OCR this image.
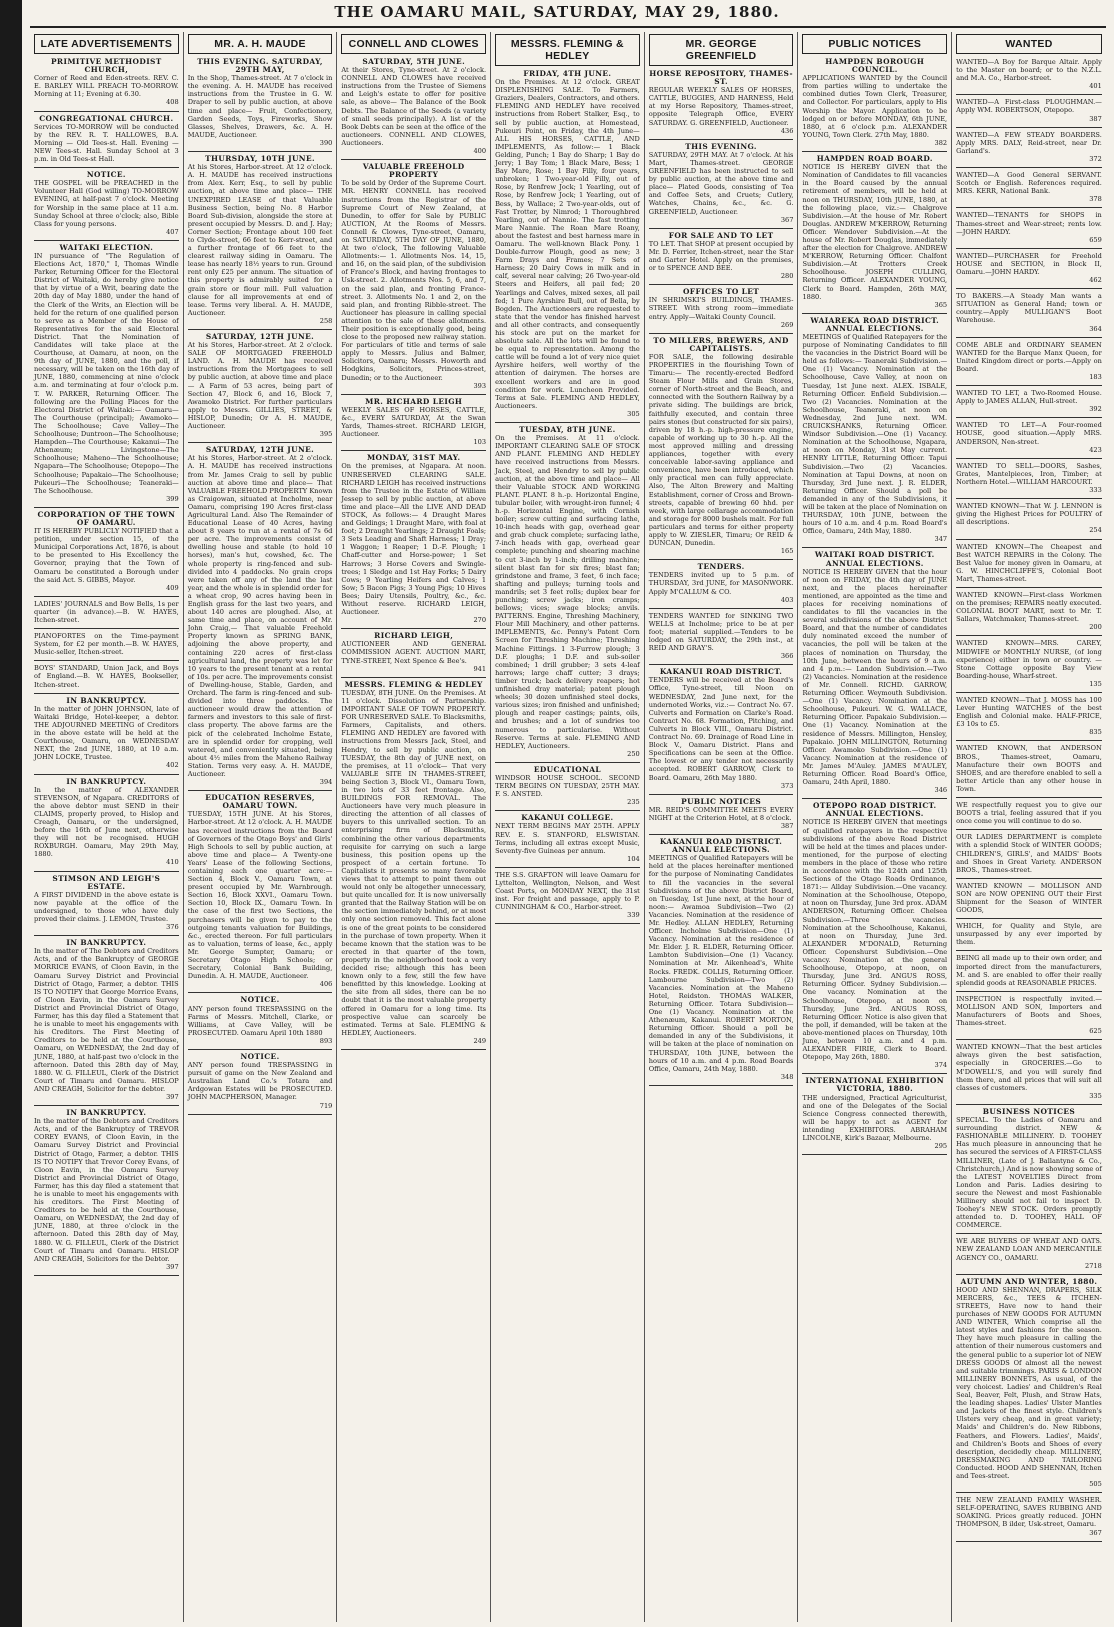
THE OAMARU MAIL, SATURDAY, MAY 29, 1880.
LATE ADVERTISEMENTS
PRIMITIVE METHODIST CHURCH,
Corner of Reed and Eden-streets. REV. C. E. BARLEY WILL PREACH TO-MORROW. Morning at 11; Evening at 6.30.
408
CONGREGATIONAL CHURCH.
Services TO-MORROW will be conducted by the REV. R. T. HALLOWES, B.A. Morning — Old Tees-st. Hall. Evening — NEW Tees-st. Hall. Sunday School at 3 p.m. in Old Tees-st Hall.
NOTICE.
THE GOSPEL will be PREACHED in the Volunteer Hall (God willing) TO-MORROW EVENING, at half-past 7 o'clock. Meeting for Worship in the same place at 11 a.m. Sunday School at three o'clock; also, Bible Class for young persons.
407
WAITAKI ELECTION.
IN pursuance of "The Regulation of Elections Act, 1870," I, Thomas Windle Parker, Returning Officer for the Electoral District of Waitaki, do hereby give notice that by virtue of a Writ, bearing date the 20th day of May 1880, under the hand of the Clerk of the Writs, an Election will be held for the return of one qualified person to serve as a Member of the House of Representatives for the said Electoral District. That the Nomination of Candidates will take place at the Courthouse, at Oamaru, at noon, on the 9th day of JUNE, 1880, and the poll, if necessary, will be taken on the 16th day of JUNE, 1880, commencing at nine o'clock a.m. and terminating at four o'clock p.m. T. W. PARKER, Returning Officer. The following are the Polling Places for the Electoral District of Waitaki:— Oamaru—The Courthouse (principal); Awamoko—The Schoolhouse; Cave Valley—The Schoolhouse; Duntroon—The Schoolhouse; Hampden—The Courthouse; Kakanui—The Athenæum; Livingstone—The Schoolhouse; Maheno—The Schoolhouse; Ngapara—The Schoolhouse; Otepopo—The Schoolhouse; Papakaio—The Schoolhouse; Pukeuri—The Schoolhouse; Teaneraki—The Schoolhouse.
399
CORPORATION OF THE TOWN OF OAMARU.
IT IS HEREBY PUBLICLY NOTIFIED that a petition, under section 15, of the Municipal Corporations Act, 1876, is about to be presented to His Excellency the Governor, praying that the Town of Oamaru be constituted a Borough under the said Act. S. GIBBS, Mayor.
409
LADIES' JOURNALS and Bow Bells, 1s per quarter (in advance).—B. W. HAYES, Itchen-street.
PIANOFORTES on the Time-payment System, for £2 per month.—B. W. HAYES, Music-seller, Itchen-street.
BOYS' STANDARD, Union Jack, and Boys of England.—B. W. HAYES, Bookseller, Itchen-street.
IN BANKRUPTCY.
In the matter of JOHN JOHNSON, late of Waitaki Bridge, Hotel-keeper, a debtor. THE ADJOURNED MEETING of Creditors in the above estate will be held at the Courthouse, Oamaru, on WEDNESDAY NEXT, the 2nd JUNE, 1880, at 10 a.m. JOHN LOCKE, Trustee.
402
IN BANKRUPTCY.
In the matter of ALEXANDER STEVENSON, of Ngapara. CREDITORS of the above debtor must SEND in their CLAIMS, properly proved, to Hislop and Creagh, Oamaru, or the undersigned, before the 16th of June next, otherwise they will not be recognised. HUGH ROXBURGH. Oamaru, May 29th May, 1880.
410
STIMSON AND LEIGH'S ESTATE.
A FIRST DIVIDEND in the above estate is now payable at the office of the undersigned, to those who have duly proved their claims. J. LEMON, Trustee.
376
IN BANKRUPTCY.
In the matter of The Debtors and Creditors Acts, and of the Bankruptcy of GEORGE MORRICE EVANS, of Cloon Eavin, in the Oamaru Survey District and Provincial District of Otago, Farmer, a debtor. THIS IS TO NOTIFY that George Morrice Evans, of Cloon Eavin, in the Oamaru Survey District and Provincial District of Otago, Farmer, has this day filed a Statement that he is unable to meet his engagements with his Creditors. The First Meeting of Creditors to be held at the Courthouse, Oamaru, on WEDNESDAY, the 2nd day of JUNE, 1880, at half-past two o'clock in the afternoon. Dated this 28th day of May, 1880. W. G. FILLEUL, Clerk of the District Court of Timaru and Oamaru. HISLOP AND CREAGH, Solicitor for the debtor.
397
IN BANKRUPTCY.
In the matter of the Debtors and Creditors Acts, and of the Bankruptcy of TREVOR COREY EVANS, of Cloon Eavin, in the Oamaru Survey District and Provincial District of Otago, Farmer, a debtor. THIS IS TO NOTIFY that Trevor Corey Evans, of Cloon Eavin, in the Oamaru Survey District and Provincial District of Otago, Farmer, has this day filed a statement that he is unable to meet his engagements with his creditors. The First Meeting of Creditors to be held at the Courthouse, Oamaru, on WEDNESDAY, the 2nd day of JUNE, 1880, at three o'clock in the afternoon. Dated this 28th day of May, 1880. W. G. FILLEUL, Clerk of the District Court of Timaru and Oamaru. HISLOP AND CREAGH, Solicitors for the Debtor.
397
MR. A. H. MAUDE
THIS EVENING. SATURDAY, 29TH MAY,
In the Shop, Thames-street. At 7 o'clock in the evening. A. H. MAUDE has received instructions from the Trustee in G. W. Draper to sell by public auction, at above time and place— Fruit, Confectionery, Garden Seeds, Toys, Fireworks, Show Glasses, Shelves, Drawers, &c. A. H. MAUDE, Auctioneer.
390
THURSDAY, 10TH JUNE.
At his Stores, Harbor-street. At 12 o'clock. A. H. MAUDE has received instructions from Alex. Kerr, Esq., to sell by public auction, at above time and place— THE UNEXPIRED LEASE of that Valuable Business Section, being No. 8 Harbor Board Sub-division, alongside the store at present occupied by Messrs. D. and J. Hay; Corner Section; Frontage about 100 feet to Clyde-street, 66 feet to Kerr-street, and a further frontage of 66 feet to the clearest railway siding in Oamaru. The lease has nearly 18½ years to run. Ground rent only £25 per annum. The situation of this property is admirably suited for a grain store or flour mill. Full valuation clause for all improvements at end of lease. Terms very liberal. A. H. MAUDE, Auctioneer.
258
SATURDAY, 12TH JUNE.
At his Stores, Harbor-street. At 2 o'clock. SALE OF MORTGAGED FREEHOLD LAND. A. H. MAUDE has received instructions from the Mortgagees to sell by public auction, at above time and place— A Farm of 53 acres, being part of Section 47, Block 6, and 16, Block 7, Awamoko District. For further particulars apply to Messrs. GILLIES, STREET, & HISLOP, Dunedin; Or A. H. MAUDE, Auctioneer.
395
SATURDAY, 12TH JUNE.
At his Stores, Harbor-street. At 2 o'clock. A. H. MAUDE has received instructions from Mr. James Craig to sell by public auction at above time and place— That VALUABLE FREEHOLD PROPERTY Known as Craigowan, situated at Incholme, near Oamaru, comprising 190 Acres first-class Agricultural Land. Also The Remainder of Educational Lease of 40 Acres, having about 8 years to run at a rental of 7s 6d per acre. The improvements consist of dwelling house and stable (to hold 10 horses), man's hut, cowshed, &c. The whole property is ring-fenced and sub-divided into 4 paddocks. No grain crops were taken off any of the land the last year, and the whole is in splendid order for a wheat crop, 90 acres having been in English grass for the last two years, and about 140 acres are ploughed. Also, at same time and place, on account of Mr. John Craig,— That valuable Freehold Property known as SPRING BANK, adjoining the above property, and containing 220 acres of first-class agricultural land, the property was let for 10 years to the present tenant at a rental of 10s. per acre. The improvements consist of Dwelling-house, Stable, Garden, and Orchard. The farm is ring-fenced and sub-divided into three paddocks. The auctioneer would draw the attention of farmers and investors to this sale of first-class property. The above farms are the pick of the celebrated Incholme Estate, are in splendid order for cropping, well watered, and conveniently situated, being about 4½ miles from the Maheno Railway Station. Terms very easy. A. H. MAUDE, Auctioneer.
394
EDUCATION RESERVES, OAMARU TOWN.
TUESDAY, 15TH JUNE. At his Stores, Harbor-street. At 12 o'clock. A. H. MAUDE has received instructions from the Board of Governors of the Otago Boys' and Girls' High Schools to sell by public auction, at above time and place— A Twenty-one Years' Lease of the following Sections, containing each one quarter acre:— Section 4, Block V., Oamaru Town, at present occupied by Mr. Warnbrough. Section 16, Block XXVI., Oamaru Town. Section 10, Block IX., Oamaru Town. In the case of the first two Sections, the purchasers will be given to pay to the outgoing tenants valuation for Buildings, &c., erected thereon. For full particulars as to valuation, terms of lease, &c., apply Mr. George Sumpter, Oamaru; or Secretary Otago High Schools; or Secretary, Colonial Bank Building, Dunedin. A. H. MAUDE, Auctioneer.
406
NOTICE.
ANY person found TRESPASSING on the Farms of Messrs. Mitchell, Clarke, or Williams, at Cave Valley, will be PROSECUTED. Oamaru April 10th 1880
893
NOTICE.
ANY person found TRESPASSING in pursuit of game on the New Zealand and Australian Land Co.'s Totara and Ardgowan Estates will be PROSECUTED. JOHN MACPHERSON, Manager.
719
CONNELL AND CLOWES
SATURDAY, 5TH JUNE.
At their Stores, Tyne-street. At 2 o'clock. CONNELL AND CLOWES have received instructions from the Trustee of Siemens and Leigh's estate to offer for positive sale, as above— The Balance of the Book Debts. The Balance of the Seeds (a variety of small seeds principally). A list of the Book Debts can be seen at the office of the auctioneers. CONNELL AND CLOWES, Auctioneers.
400
VALUABLE FREEHOLD PROPERTY
To be sold by Order of the Supreme Court. MR. HENRY CONNELL has received instructions from the Registrar of the Supreme Court of New Zealand, at Dunedin, to offer for Sale by PUBLIC AUCTION, At the Rooms of Messrs. Connell & Clowes, Tyne-street, Oamaru, on SATURDAY, 5TH DAY OF JUNE, 1880, At two o'clock, The following Valuable Allotments:— 1. Allotments Nos. 14, 15, and 16, on the said plan, of the subdivision of France's Block, and having frontages to Usk-street. 2. Allotments Nos. 5, 6, and 7, on the said plan, and fronting France-street. 3. Allotments No. 1 and 2, on the said plan, and fronting Ribble-street. The Auctioneer has pleasure in calling special attention to the sale of these allotments. Their position is exceptionally good, being close to the proposed new railway station. For particulars of title and terms of sale apply to Messrs. Julius and Balmer, Solicitors, Oamaru; Messrs. Howorth and Hodgkins, Solicitors, Princes-street, Dunedin; or to the Auctioneer.
393
MR. RICHARD LEIGH
WEEKLY SALES OF HORSES, CATTLE, &c., EVERY SATURDAY, At the Swan Yards, Thames-street. RICHARD LEIGH, Auctioneer.
103
MONDAY, 31ST MAY.
On the premises, at Ngapara. At noon. UNRESERVED CLEARING SALE. RICHARD LEIGH has received instructions from the Trustee in the Estate of William Jessep to sell by public auction, at above time and place—All the LIVE AND DEAD STOCK, As follows:— 4 Draught Mares and Geldings; 1 Draught Mare, with foal at foot; 2 Draught Yearlings; 2 Draught Foals; 3 Sets Leading and Shaft Harness; 1 Dray; 1 Waggon; 1 Reaper; 1 D.-F. Plough; 1 Chaff-cutter and Horse-power; 1 Set Harrows; 3 Horse Covers and Swingle-trees; 1 Sledge and 1st Hay Forks; 5 Dairy Cows; 9 Yearling Heifers and Calves; 1 Sow; 5 Bacon Pigs; 3 Young Pigs; 10 Hives Bees; Dairy Utensils, Poultry, &c., &c. Without reserve. RICHARD LEIGH, Auctioneer.
270
RICHARD LEIGH,
AUCTIONEER AND GENERAL COMMISSION AGENT. AUCTION MART, TYNE-STREET, Next Spence & Bee's.
941
MESSRS. FLEMING & HEDLEY
TUESDAY, 8TH JUNE. On the Premises. At 11 o'clock. Dissolution of Partnership. IMPORTANT SALE OF TOWN PROPERTY. FOR UNRESERVED SALE. To Blacksmiths, Farmers, Capitalists, and others. FLEMING AND HEDLEY are favored with instructions from Messrs Jack, Steel, and Hendry, to sell by public auction, on TUESDAY, the 8th day of JUNE next, on the premises, at 11 o'clock— That very VALUABLE SITE IN THAMES-STREET, being Section 3, Block VI., Oamaru Town, in two lots of 33 feet frontage. Also, BUILDINGS FOR REMOVAL. The Auctioneers have very much pleasure in directing the attention of all classes of buyers to this unrivalled section. To an enterprising firm of Blacksmiths, combining the other various departments requisite for carrying on such a large business, this position opens up the prospect of a certain fortune. To Capitalists it presents so many favorable views that to attempt to point them out would not only be altogether unnecessary, but quite uncalled for. It is now universally granted that the Railway Station will be on the section immediately behind, or at most only one section removed. This fact alone is one of the great points to be considered in the purchase of town property. When it became known that the station was to be erected in that quarter of the town, property in the neighborhood took a very decided rise; although this has been known only to a few, still the few have benefitted by this knowledge. Looking at the site from all sides, there can be no doubt that it is the most valuable property offered in Oamaru for a long time. Its prospective value can scarcely be estimated. Terms at Sale. FLEMING & HEDLEY, Auctioneers.
249
MESSRS. FLEMING & HEDLEY
FRIDAY, 4TH JUNE.
On the Premises. At 12 o'clock. GREAT DISPLENISHING SALE. To Farmers, Graziers, Dealers, Contractors, and others. FLEMING AND HEDLEY have received instructions from Robert Stalker, Esq., to sell by public auction, at Homestead, Pukeuri Point, on Friday, the 4th June— ALL HIS HORSES, CATTLE, AND IMPLEMENTS, As follow:— 1 Black Gelding, Punch; 1 Bay do Sharp; 1 Bay do Jerry; 1 Bay Tom; 1 Black Mare, Bess; 1 Bay Mare, Rose; 1 Bay Filly, four years, unbroken; 1 Two-year-old Filly, out of Rose, by Renfrew Jock; 1 Yearling, out of Rose, by Renfrew Jock; 1 Yearling, out of Bess, by Wallace; 2 Two-year-olds, out of Fast Trotter, by Nimrod; 1 Thoroughbred Yearling, out of Nannie. The fast trotting Mare Nannie. The Roan Mare Roany, about the fastest and best harness mare in Oamaru. The well-known Black Pony. 1 Double-furrow Plough, good as new; 3 Farm Drays and Frames; 7 Sets of Harness; 20 Dairy Cows in milk and in calf, several near calving; 26 Two-year-old Steers and Heifers, all pail fed; 20 Yearlings and Calves, mixed sexes, all pail fed; 1 Pure Ayrshire Bull, out of Bella, by Bogden. The Auctioneers are requested to state that the vendor has finished harvest and all other contracts, and consequently his stock are put on the market for absolute sale. All the lots will be found to be equal to representation. Among the cattle will be found a lot of very nice quiet Ayrshire heifers, well worthy of the attention of dairymen. The horses are excellent workers and are in good condition for work. Luncheon Provided. Terms at Sale. FLEMING AND HEDLEY, Auctioneers.
305
TUESDAY, 8TH JUNE.
On the Premises. At 11 o'clock. IMPORTANT CLEARING SALE OF STOCK AND PLANT. FLEMING AND HEDLEY have received instructions from Messrs. Jack, Steel, and Hendry to sell by public auction, at the above time and place— All their Valuable STOCK AND WORKING PLANT. PLANT. 8 h.-p. Horizontal Engine, tubular boiler, with wrought-iron funnel; 4 h.-p. Horizontal Engine, with Cornish boiler; screw cutting and surfacing lathe, 10-inch heads with gap, overhead gear and grab chuck complete; surfacing lathe, 7-inch heads with gap, overhead gear complete; punching and shearing machine to cut 3-inch by 1-inch; drilling machine; silent blast fan for six fires; blast fan; grindstone and frame, 3 feet, 6 inch face; shafting and pulleys; turning tools and mandrils; set 3 feet rolls; duplex bear for punching; screw jacks; iron cramps; bellows; vices; swage blocks; anvils. PATTERNS. Engine, Threshing Machinery, Flour Mill Machinery, and other patterns. IMPLEMENTS, &c. Penny's Patent Corn Screen for Threshing Machine; Threshing Machine Fittings. 1 3-Furrow plough; 3 D.F. ploughs; 1 D.F. and sub-soiler combined; 1 drill grubber; 3 sets 4-leaf harrows; large chaff cutter; 3 drays; timber truck; back delivery reapers; hot unfinished dray material; patent plough wheels; 30 dozen unfinished steel docks, various sizes; iron finished and unfinished; plough and reaper castings; paints, oils, and brushes; and a lot of sundries too numerous to particularise. Without Reserve. Terms at sale. FLEMING AND HEDLEY, Auctioneers.
250
EDUCATIONAL
WINDSOR HOUSE SCHOOL. SECOND TERM BEGINS ON TUESDAY, 25TH MAY. F. S. ANSTED.
235
KAKANUI COLLEGE.
NEXT TERM BEGINS MAY 25TH. APPLY REV. E. S. STANFORD, ELSWISTAN. Terms, including all extras except Music, Seventy-five Guineas per annum.
104
THE S.S. GRAFTON will leave Oamaru for Lyttelton, Wellington, Nelson, and West Coast Ports, on MONDAY NEXT, the 31st inst. For freight and passage, apply to P. CUNNINGHAM & CO., Harbor-street.
339
MR. GEORGE GREENFIELD
HORSE REPOSITORY, THAMES-ST.
REGULAR WEEKLY SALES OF HORSES, CATTLE, BUGGIES, AND HARNESS, Held at my Horse Repository, Thames-street, opposite Telegraph Office, EVERY SATURDAY. G. GREENFIELD, Auctioneer.
436
THIS EVENING.
SATURDAY, 29TH MAY. At 7 o'clock. At his Mart, Thames-street. GEORGE GREENFIELD has been instructed to sell by public auction, at the above time and place— Plated Goods, consisting of Tea and Coffee Sets, and Cruets; Cutlery, Watches, Chains, &c., &c. G. GREENFIELD, Auctioneer.
367
FOR SALE AND TO LET
TO LET. That SHOP at present occupied by Mr. D. Ferrier, Itchen-street, near the Star and Garter Hotel. Apply on the premises, or to SPENCE AND BEE.
280
OFFICES TO LET
IN SHRIMSKI'S BUILDINGS, THAMES-STREET. With strong room—immediate entry. Apply—Waitaki County Council.
269
TO MILLERS, BREWERS, AND CAPITALISTS.
FOR SALE, the following desirable PROPERTIES in the flourishing Town of Timaru:— The recently-erected Bedford Steam Flour Mills and Grain Stores, corner of North-street and the Beach, and connected with the Southern Railway by a private siding. The buildings are brick, faithfully executed, and contain three pairs stones (but constructed for six pairs), driven by 18 h.-p. high-pressure engine, capable of working up to 30 h.-p. All the most approved milling and dressing appliances, together with every conceivable labor-saving appliance and convenience, have been introduced, which only practical men can fully appreciate. Also, The Alton Brewery and Malting Establishment, corner of Cross and Brown-streets, capable of brewing 60 hhd. per week, with large cellarage accommodation and storage for 8000 bushels malt. For full particulars and terms for either property apply to W. ZIESLER, Timaru; Or REID & DUNCAN, Dunedin.
165
TENDERS.
TENDERS invited up to 5 p.m. of THURSDAY, 3rd JUNE, for MASONWORK. Apply M'CALLUM & CO.
403
TENDERS WANTED for SINKING TWO WELLS at Incholme; price to be at per foot; material supplied.—Tenders to be lodged on SATURDAY, the 29th inst., at REID AND GRAY'S.
366
KAKANUI ROAD DISTRICT.
TENDERS will be received at the Board's Office, Tyne-street, till Noon on WEDNESDAY, 2nd June next, for the undernoted Works, viz.:— Contract No. 67. Culverts and Formation on Clarke's Road. Contract No. 68. Formation, Pitching, and Culverts in Block VIII., Oamaru District. Contract No. 69. Drainage of Road Line in Block V., Oamaru District. Plans and Specifications can be seen at the Office. The lowest or any tender not necessarily accepted. ROBERT GARROW, Clerk to Board. Oamaru, 26th May 1880.
373
PUBLIC NOTICES
MR. REID'S COMMITTEE MEETS EVERY NIGHT at the Criterion Hotel, at 8 o'clock.
387
KAKANUI ROAD DISTRICT. ANNUAL ELECTIONS.
MEETINGS of Qualified Ratepayers will be held at the places hereinafter mentioned for the purpose of Nominating Candidates to fill the vacancies in the several Subdivisions of the above District Board, on Tuesday, 1st June next, at the hour of noon:— Awamoa Subdivision—Two (2) Vacancies. Nomination at the residence of Mr. Hedley. ALLAN HEDLEY, Returning Officer. Incholme Subdivision—One (1) Vacancy. Nomination at the residence of Mr. Elder. J. R. ELDER, Returning Officer. Lambton Subdivision—One (1) Vacancy. Nomination at Mr. Aikenhead's, White Rocks. FREDK. COLLIS, Returning Officer. Lambourne Subdivision—Two (2) Vacancies. Nomination at the Maheno Hotel, Reidston. THOMAS WALKER, Returning Officer. Totara Subdivision—One (1) Vacancy. Nomination at the Athenæum, Kakanui. ROBERT MORTON, Returning Officer. Should a poll be demanded in any of the Subdivisions, it will be taken at the place of nomination on THURSDAY, 10th JUNE, between the hours of 10 a.m. and 4 p.m. Road Boards Office, Oamaru, 24th May, 1880.
348
PUBLIC NOTICES
HAMPDEN BOROUGH COUNCIL.
APPLICATIONS WANTED by the Council from parties willing to undertake the combined duties Town Clerk, Treasurer, and Collector. For particulars, apply to His Worship the Mayor. Application to be lodged on or before MONDAY, 6th JUNE, 1880, at 6 o'clock p.m. ALEXANDER YOUNG, Town Clerk. 27th May, 1880.
382
HAMPDEN ROAD BOARD.
NOTICE IS HEREBY GIVEN that the Nomination of Candidates to fill vacancies in the Board caused by the annual retirement of members, will be held at noon on THURSDAY, 10th JUNE, 1880, at the following place, viz.:— Chalgrove Subdivision.—At the house of Mr. Robert Douglas. ANDREW M'KERROW, Returning Officer. Wendover Subdivision.—At the house of Mr. Robert Douglas, immediately after the election for Chalgrove. ANDREW M'KERROW, Returning Officer. Chalfont Subdivision.—At Trotters Creek Schoolhouse. JOSEPH CULLING, Returning Officer. ALEXANDER YOUNG, Clerk to Board. Hampden, 26th MAY, 1880.
365
WAIAREKA ROAD DISTRICT. ANNUAL ELECTIONS.
MEETINGS of Qualified Ratepayers for the purpose of Nominating Candidates to fill the vacancies in the District Board will be held as follows:— Teaneraki Subdivision.—One (1) Vacancy. Nomination at the Schoolhouse, Cave Valley, at noon on Tuesday, 1st June next. ALEX. ISBALE, Returning Officer. Enfield Subdivision.—Two (2) Vacancies. Nomination at the Schoolhouse, Teaneraki, at noon on Wednesday, 2nd June next. WM. CRUICKSHANKS, Returning Officer. Windsor Subdivision.—One (1) Vacancy. Nomination at the Schoolhouse, Ngapara, at noon on Monday, 31st May current. HENRY LITTLE, Returning Officer. Tapui Subdivision.—Two (2) Vacancies. Nomination at Tapui Downs, at noon on Thursday, 3rd June next. J. R. ELDER, Returning Officer. Should a poll be demanded in any of the Subdivisions, it will be taken at the place of Nomination on THURSDAY, 10th JUNE, between the hours of 10 a.m. and 4 p.m. Road Board's Office, Oamaru, 24th May, 1880.
347
WAITAKI ROAD DISTRICT. ANNUAL ELECTIONS.
NOTICE IS HEREBY GIVEN that the hour of noon on FRIDAY, the 4th day of JUNE next, and the places hereinafter mentioned, are appointed as the time and places for receiving nominations of candidates to fill the vacancies in the several subdivisions of the above District Board, and that the number of candidates duly nominated exceed the number of vacancies, the poll will be taken at the places of nomination on Thursday, the 10th June, between the hours of 9 a.m. and 4 p.m.:— Landon Subdivision.—Two (2) Vacancies. Nomination at the residence of Mr. Connell. RICHD. GARROW, Returning Officer. Weymouth Subdivision.—One (1) Vacancy. Nomination at the Schoolhouse, Pukeuri. W. G. WALLACE, Returning Officer. Papakaio Subdivision.—One (1) Vacancy. Nomination at the residence of Messrs. Millington, Hensley, Papakaio. JOHN MILLINGTON, Returning Officer. Awamoko Subdivision.—One (1) Vacancy. Nomination at the residence of Mr. James M'Auley. JAMES M'AULEY, Returning Officer. Road Board's Office, Oamaru, 24th April, 1880.
346
OTEPOPO ROAD DISTRICT. ANNUAL ELECTIONS.
NOTICE IS HEREBY GIVEN that meetings of qualified ratepayers in the respective subdivisions of the above Road District will be held at the times and places under-mentioned, for the purpose of electing members in the place of those who retire in accordance with the 124th and 125th Sections of the Otago Roads Ordinance, 1871:— Allday Subdivision.—One vacancy. Nomination at the Schoolhouse, Otepopo, at noon on Thursday, June 3rd prox. ADAM ANDERSON, Returning Officer. Chelsea Subdivision.—Three vacancies. Nomination at the Schoolhouse, Kakanui, at noon on Thursday, June 3rd. ALEXANDER M'DONALD, Returning Officer. Copenshurst Subdivision.—One vacancy. Nomination at the general Schoolhouse, Otepopo, at noon, on Thursday, June 3rd. ANGUS ROSS, Returning Officer. Sydney Subdivision.—One vacancy. Nomination at the Schoolhouse, Otepopo, at noon on Thursday, June 3rd. ANGUS ROSS, Returning Officer. Notice is also given that the poll, if demanded, will be taken at the above-mentioned places on Thursday, 10th June, between 10 a.m. and 4 p.m. ALEXANDER FIRIE, Clerk to Board. Otepopo, May 26th, 1880.
374
INTERNATIONAL EXHIBITION VICTORIA, 1880.
THE undersigned, Practical Agriculturist, and one of the Delegates of the Social Science Congress connected therewith, will be happy to act as AGENT for intending EXHIBITORS. ABRAHAM LINCOLNE, Kirk's Bazaar, Melbourne.
295
WANTED
WANTED—A Boy for Barque Altair. Apply to the Master on board; or to the N.Z.L. and M.A. Co., Harbor-street.
401
WANTED—A First-class PLOUGHMAN.—Apply WM. ROBERTSON, Otepopo.
387
WANTED—A FEW STEADY BOARDERS. Apply MRS. DALY, Reid-street, near Dr. Garland's.
372
WANTED—A Good General SERVANT. Scotch or English. References required. MRS. KERR, National Bank.
378
WANTED—TENANTS for SHOPS in Thames-street and Wear-street; rents low.—JOHN HARDY.
659
WANTED—PURCHASER for Freehold HOUSE and SECTION, in Block II, Oamaru.—JOHN HARDY.
462
TO BAKERS.—A Steady Man wants a SITUATION as General Hand; town or country.—Apply MULLIGAN'S Boot Warehouse.
364
COME ABLE and ORDINARY SEAMEN WANTED for the Barque Manx Queen, for United Kingdom direct or ports.—Apply on Board.
183
WANTED TO LET, a Two-Roomed House. Apply to JAMES ALLAN, Hull-street.
392
WANTED TO LET—A Four-roomed HOUSE, good situation.—Apply MRS. ANDERSON, Nen-street.
423
WANTED TO SELL—DOORS, Sashes, Grates, Mantelpieces, Iron, Timber; at Northern Hotel.—WILLIAM HARCOURT.
333
WANTED KNOWN—That W. J. LENNON is giving the Highest Prices for POULTRY of all descriptions.
254
WANTED KNOWN—The Cheapest and Best WATCH REPAIRS in the Colony. The Best Value for money given in Oamaru, at G. W. HINCHCLIFFE'S, Colonial Boot Mart, Thames-street.
WANTED KNOWN—First-class Workmen on the premises; REPAIRS neatly executed. COLONIAL BOOT MART, next to Mr. T. Sallars, Watchmaker, Thames-street.
200
WANTED KNOWN—MRS. CAREY, MIDWIFE or MONTHLY NURSE, (of long experience) either in town or country. —Stone Cottage opposite Bay View Boarding-house, Wharf-street.
135
WANTED KNOWN—That J. MOSS has 100 Lever Hunting WATCHES of the best English and Colonial make. HALF-PRICE, £3 10s to £5.
835
WANTED KNOWN, that ANDERSON BROS., Thames-street, Oamaru, Manufacture their own BOOTS and SHOES, and are therefore enabled to sell a better Article than any other house in Town.
WE respectfully request you to give our BOOTS a trial, feeling assured that if you once come you will continue to do so.
OUR LADIES DEPARTMENT is complete with a splendid Stock of WINTER GOODS; CHILDREN'S, GIRLS', and MAIDS' Boots and Shoes in Great Variety. ANDERSON BROS., Thames-street.
WANTED KNOWN — MOLLISON AND SON are NOW OPENING OUT their First Shipment for the Season of WINTER GOODS,
WHICH, for Quality and Style, are unsurpassed by any ever imported by them.
BEING all made up to their own order, and imported direct from the manufacturers, M. and S. are enabled to offer their really splendid goods at REASONABLE PRICES.
INSPECTION is respectfully invited.—MOLLISON AND SON, Importers and Manufacturers of Boots and Shoes, Thames-street.
625
WANTED KNOWN—That the best articles always given the best satisfaction, especially in GROCERIES.—Go to M'DOWELL'S, and you will surely find them there, and all prices that will suit all classes of customers.
335
BUSINESS NOTICES
SPECIAL. To the Ladies of Oamaru and surrounding district. NEW & FASHIONABLE MILLINERY. D. TOOHEY Has much pleasure in announcing that he has secured the services of A FIRST-CLASS MILLINER, (Late of J. Ballantyne & Co., Christchurch,) And is now showing some of the LATEST NOVELTIES Direct from London and Paris. Ladies desiring to secure the Newest and most Fashionable Millinery should not fail to inspect D. Toohey's NEW STOCK. Orders promptly attended to. D. TOOHEY, HALL OF COMMERCE.
WE ARE BUYERS OF WHEAT AND OATS. NEW ZEALAND LOAN AND MERCANTILE AGENCY CO., OAMARU.
2718
AUTUMN AND WINTER, 1880.
HOOD AND SHENNAN, DRAPERS, SILK MERCERS, &c., TEES & ITCHEN-STREETS, Have now to hand their purchases of NEW GOODS FOR AUTUMN AND WINTER, Which comprise all the latest styles and fashions for the season. They have much pleasure in calling the attention of their numerous customers and the general public to a superior lot of NEW DRESS GOODS Of almost all the newest and suitable trimmings. PARIS & LONDON MILLINERY BONNETS, As usual, of the very choicest. Ladies' and Children's Real Seal, Beaver, Felt, Plush, and Straw Hats, the leading shapes. Ladies' Ulster Mantles and Jackets of the finest style. Children's Ulsters very cheap, and in great variety; Maids' and Children's do. New Ribbons, Feathers, and Flowers. Ladies', Maids', and Children's Boots and Shoes of every description, decidedly cheap. MILLINERY, DRESSMAKING AND TAILORING Conducted. HOOD AND SHENNAN, Itchen and Tees-street.
505
THE NEW ZEALAND FAMILY WASHER. SELF-OPERATING, SAVES RUBBING AND SOAKING. Prices greatly reduced. JOHN THOMPSON, B ilder, Usk-street, Oamaru.
367
